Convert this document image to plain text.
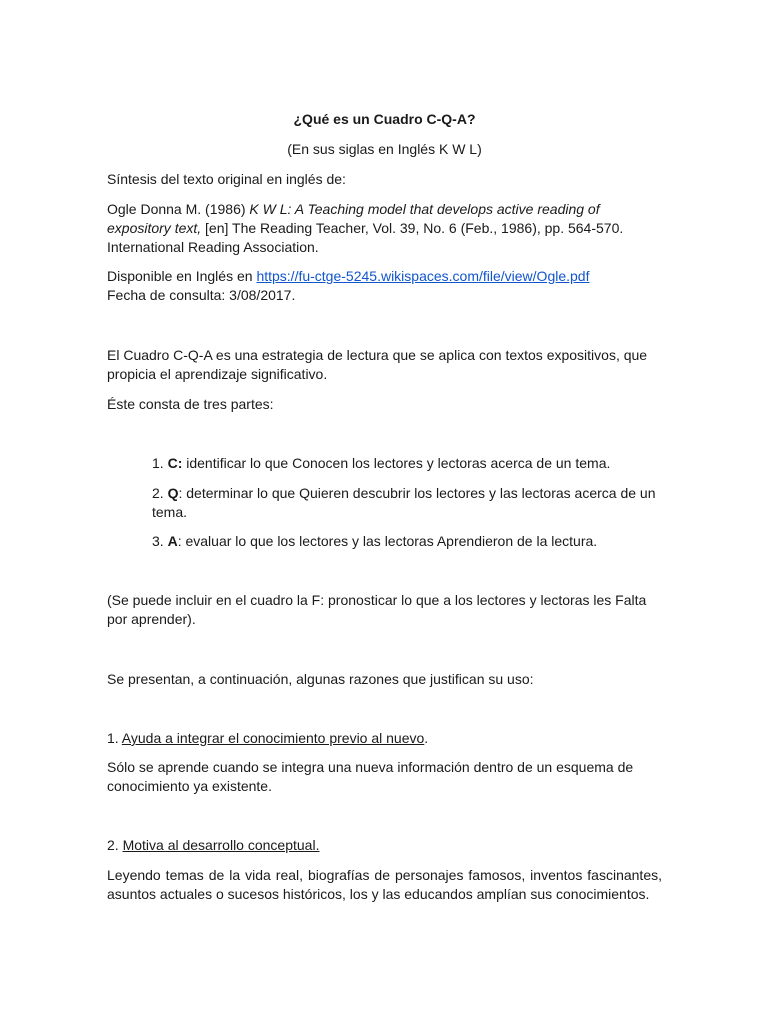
¿Qué es un Cuadro C-Q-A?

(En sus siglas en Inglés K W L)

Síntesis del texto original en inglés de:

Ogle Donna M. (1986) K W L: A Teaching model that develops active reading of expository text, [en] The Reading Teacher, Vol. 39, No. 6 (Feb., 1986), pp. 564-570. International Reading Association.

Disponible en Inglés en https://fu-ctge-5245.wikispaces.com/file/view/Ogle.pdf
Fecha de consulta: 3/08/2017.

El Cuadro C-Q-A es una estrategia de lectura que se aplica con textos expositivos, que propicia el aprendizaje significativo.

Éste consta de tres partes:

1. C: identificar lo que Conocen los lectores y lectoras acerca de un tema.

2. Q: determinar lo que Quieren descubrir los lectores y las lectoras acerca de un tema.

3. A: evaluar lo que los lectores y las lectoras Aprendieron de la lectura.

(Se puede incluir en el cuadro la F: pronosticar lo que a los lectores y lectoras les Falta por aprender).

Se presentan, a continuación, algunas razones que justifican su uso:

1. Ayuda a integrar el conocimiento previo al nuevo.

Sólo se aprende cuando se integra una nueva información dentro de un esquema de conocimiento ya existente.

2. Motiva al desarrollo conceptual.

Leyendo temas de la vida real, biografías de personajes famosos, inventos fascinantes, asuntos actuales o sucesos históricos, los y las educandos amplían sus conocimientos.
